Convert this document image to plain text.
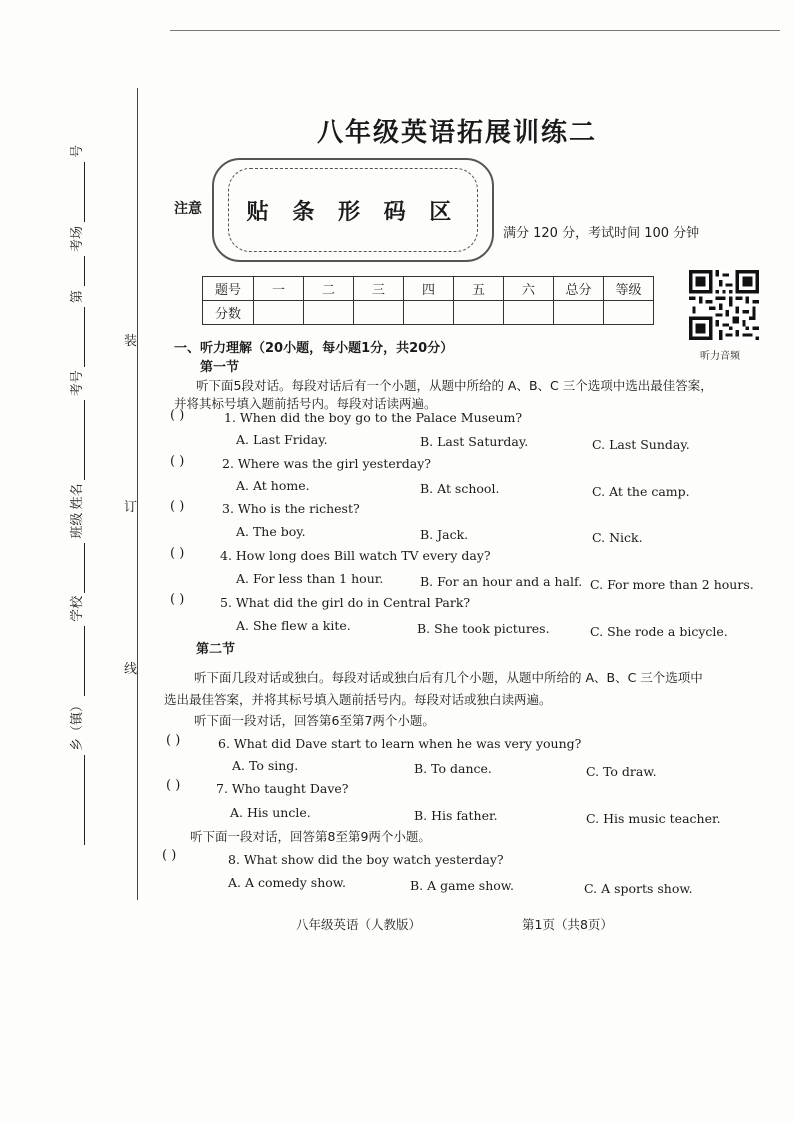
乡（镇）
学校
班级
姓名
考号
第
考场
号
装
订
线
八年级英语拓展训练二
注意	贴 条 形 码 区
满分 120 分，考试时间 100 分钟
题号	一	二	三	四	五	六	总分	等级
分数								
听力音频
一、听力理解（20小题，每小题1分，共20分）
第一节
听下面5段对话。每段对话后有一个小题，从题中所给的 A、B、C 三个选项中选出最佳答案，
并将其标号填入题前括号内。每段对话读两遍。
( )	1. When did the boy go to the Palace Museum?
A. Last Friday.	B. Last Saturday.	C. Last Sunday.
( )	2. Where was the girl yesterday?
A. At home.	B. At school.	C. At the camp.
( )	3. Who is the richest?
A. The boy.	B. Jack.	C. Nick.
( )	4. How long does Bill watch TV every day?
A. For less than 1 hour.	B. For an hour and a half. C. For more than 2 hours.
( )	5. What did the girl do in Central Park?
A. She flew a kite.	B. She took pictures.	C. She rode a bicycle.
第二节
听下面几段对话或独白。每段对话或独白后有几个小题，从题中所给的 A、B、C 三个选项中
选出最佳答案，并将其标号填入题前括号内。每段对话或独白读两遍。
听下面一段对话，回答第6至第7两个小题。
( )	6. What did Dave start to learn when he was very young?
A. To sing.	B. To dance.	C. To draw.
( )	7. Who taught Dave?
A. His uncle.	B. His father.	C. His music teacher.
听下面一段对话，回答第8至第9两个小题。
( )	8. What show did the boy watch yesterday?
A. A comedy show.	B. A game show.	C. A sports show.
八年级英语（人教版）	第1页（共8页）
